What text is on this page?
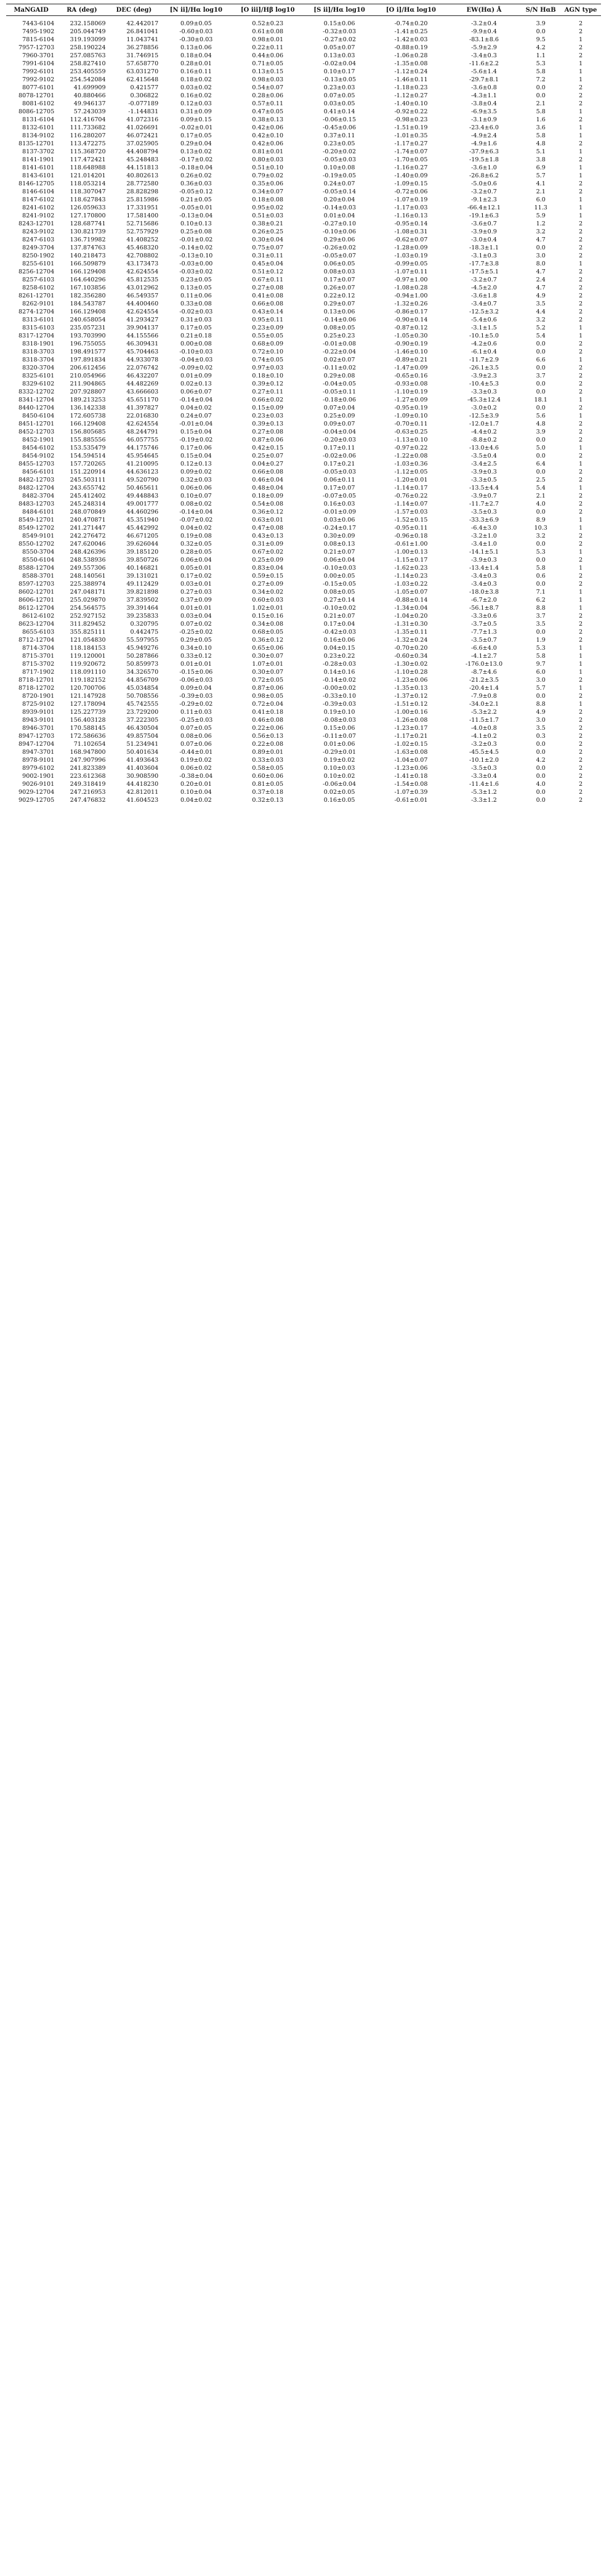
MaNGAID	RA (deg)	DEC (deg)	[N ii]/Hα log10	[O iii]/Hβ log10	[S ii]/Hα log10	[O i]/Hα log10	EW(Hα) Å	S/N HαB	AGN type

7443-6104	232.158069	42.442017	0.09±0.05	0.52±0.23	0.15±0.06	-0.74±0.20	-3.2±0.4	3.9	2
7495-1902	205.044749	26.841041	-0.60±0.03	0.61±0.08	-0.32±0.03	-1.41±0.25	-9.9±0.4	0.0	2
7815-6104	319.193099	11.043741	-0.30±0.03	0.98±0.01	-0.27±0.02	-1.42±0.03	-83.1±8.6	9.5	1
7957-12703	258.190224	36.278856	0.13±0.06	0.22±0.11	0.05±0.07	-0.88±0.19	-5.9±2.9	4.2	2
7960-3701	257.085763	31.746915	0.18±0.04	0.44±0.06	0.13±0.03	-1.06±0.28	-3.4±0.3	1.1	2
7991-6104	258.827410	57.658770	0.28±0.01	0.71±0.05	-0.02±0.04	-1.35±0.08	-11.6±2.2	5.3	1
7992-6101	253.405559	63.031270	0.16±0.11	0.13±0.15	0.10±0.17	-1.12±0.24	-5.6±1.4	5.8	1
7992-9102	254.542084	62.415648	0.18±0.02	0.98±0.03	-0.13±0.05	-1.46±0.11	-29.7±8.1	7.2	1
8077-6101	41.699909	0.421577	0.03±0.02	0.54±0.07	0.23±0.03	-1.18±0.23	-3.6±0.8	0.0	2
8078-12701	40.880466	0.306822	0.16±0.02	0.28±0.06	0.07±0.05	-1.12±0.27	-4.3±1.1	0.0	2
8081-6102	49.946137	-0.077189	0.12±0.03	0.57±0.11	0.03±0.05	-1.40±0.10	-3.8±0.4	2.1	2
8086-12705	57.243039	-1.144831	0.31±0.09	0.47±0.05	0.41±0.14	-0.92±0.22	-6.9±3.5	5.8	1
8131-6104	112.416704	41.072316	0.09±0.15	0.38±0.13	-0.06±0.15	-0.98±0.23	-3.1±0.9	1.6	2
8132-6101	111.733682	41.026691	-0.02±0.01	0.42±0.06	-0.45±0.06	-1.51±0.19	-23.4±6.0	3.6	1
8134-9102	116.280207	46.072421	0.17±0.05	0.42±0.10	0.37±0.11	-1.01±0.35	-4.9±2.4	5.8	1
8135-12701	113.472275	37.025905	0.29±0.04	0.42±0.06	0.23±0.05	-1.17±0.27	-4.9±1.6	4.8	2
8137-3702	115.368720	44.408794	0.13±0.02	0.81±0.01	-0.20±0.02	-1.74±0.07	-37.9±6.3	5.1	1
8141-1901	117.472421	45.248483	-0.17±0.02	0.80±0.03	-0.05±0.03	-1.70±0.05	-19.5±1.8	3.8	2
8141-6101	118.648988	44.151813	-0.18±0.04	0.51±0.10	0.10±0.08	-1.16±0.27	-3.6±1.0	6.9	1
8143-6101	121.014201	40.802613	0.26±0.02	0.79±0.02	-0.19±0.05	-1.40±0.09	-26.8±6.2	5.7	1
8146-12705	118.053214	28.772580	0.36±0.03	0.35±0.06	0.24±0.07	-1.09±0.15	-5.0±0.6	4.1	2
8146-6104	118.307047	28.828298	-0.05±0.12	0.34±0.07	-0.05±0.14	-0.72±0.06	-3.2±0.7	2.1	2
8147-6102	118.627843	25.815986	0.21±0.05	0.18±0.08	0.20±0.04	-1.07±0.19	-9.1±2.3	6.0	1
8241-6102	126.059633	17.331951	-0.05±0.01	0.95±0.02	-0.14±0.03	-1.17±0.03	-66.4±12.1	11.3	1
8241-9102	127.170800	17.581400	-0.13±0.04	0.51±0.03	0.01±0.04	-1.16±0.13	-19.1±6.3	5.9	1
8243-12701	128.687741	52.715686	0.10±0.13	0.38±0.21	-0.27±0.10	-0.95±0.14	-3.6±0.7	1.2	2
8243-9102	130.821739	52.757929	0.25±0.08	0.26±0.25	-0.10±0.06	-1.08±0.31	-3.9±0.9	3.2	2
8247-6103	136.719982	41.408252	-0.01±0.02	0.30±0.04	0.29±0.06	-0.62±0.07	-3.0±0.4	4.7	2
8249-3704	137.874763	45.468320	-0.14±0.02	0.75±0.07	-0.26±0.02	-1.28±0.09	-18.3±1.1	0.0	2
8250-1902	140.218473	42.708802	-0.13±0.10	0.31±0.11	-0.05±0.07	-1.03±0.19	-3.1±0.3	3.0	2
8255-6101	166.509879	43.173473	-0.03±0.00	0.45±0.04	0.06±0.05	-0.99±0.05	-17.7±3.8	8.0	1
8256-12704	166.129408	42.624554	-0.03±0.02	0.51±0.12	0.08±0.03	-1.07±0.11	-17.5±5.1	4.7	2
8257-6103	164.640296	45.812535	0.23±0.05	0.67±0.11	0.17±0.07	-0.97±1.00	-3.2±0.7	2.4	2
8258-6102	167.103856	43.012962	0.13±0.05	0.27±0.08	0.26±0.07	-1.08±0.28	-4.5±2.0	4.7	2
8261-12701	182.356280	46.549357	0.11±0.06	0.41±0.08	0.22±0.12	-0.94±1.00	-3.6±1.8	4.9	2
8262-9101	184.543787	44.400460	0.33±0.08	0.66±0.08	0.29±0.07	-1.32±0.26	-3.4±0.7	3.5	2
8274-12704	166.129408	42.624554	-0.02±0.03	0.43±0.14	0.13±0.06	-0.86±0.17	-12.5±3.2	4.4	2
8313-6101	240.658054	41.293427	0.31±0.03	0.95±0.11	-0.14±0.06	-0.90±0.14	-5.4±0.6	3.2	2
8315-6103	235.057231	39.904137	0.17±0.05	0.23±0.09	0.08±0.05	-0.87±0.12	-3.1±1.5	5.2	1
8317-12704	193.703990	44.155566	0.21±0.18	0.55±0.05	0.25±0.23	-1.05±0.30	-10.1±5.0	5.4	1
8318-1901	196.755055	46.309431	0.00±0.08	0.68±0.09	-0.01±0.08	-0.90±0.19	-4.2±0.6	0.0	2
8318-3703	198.491577	45.704463	-0.10±0.03	0.72±0.10	-0.22±0.04	-1.46±0.10	-6.1±0.4	0.0	2
8318-3704	197.891834	44.933078	-0.04±0.03	0.74±0.05	0.02±0.07	-0.89±0.21	-11.7±2.9	6.6	1
8320-3704	206.612456	22.076742	-0.09±0.02	0.97±0.03	-0.11±0.02	-1.47±0.09	-26.1±3.5	0.0	2
8325-6101	210.054966	46.432207	0.01±0.09	0.18±0.10	0.29±0.08	-0.65±0.16	-3.9±2.3	3.7	2
8329-6102	211.904865	44.482269	0.02±0.13	0.39±0.12	-0.04±0.05	-0.93±0.08	-10.4±5.3	0.0	2
8332-12702	207.928807	43.666603	0.06±0.07	0.27±0.11	-0.05±0.11	-1.10±0.19	-3.3±0.3	0.0	2
8341-12704	189.213253	45.651170	-0.14±0.04	0.66±0.02	-0.18±0.06	-1.27±0.09	-45.3±12.4	18.1	1
8440-12704	136.142338	41.397827	0.04±0.02	0.15±0.09	0.07±0.04	-0.95±0.19	-3.0±0.2	0.0	2
8450-6104	172.605738	22.016830	0.24±0.07	0.23±0.03	0.25±0.09	-1.09±0.10	-12.5±3.9	5.6	1
8451-12701	166.129408	42.624554	-0.01±0.04	0.39±0.13	0.09±0.07	-0.70±0.11	-12.0±1.7	4.8	2
8452-12703	156.805685	48.244791	0.15±0.04	0.27±0.08	-0.04±0.04	-0.63±0.25	-4.4±0.2	3.9	2
8452-1901	155.885556	46.057755	-0.19±0.02	0.87±0.06	-0.20±0.03	-1.13±0.10	-8.8±0.2	0.0	2
8454-6102	153.535479	44.175746	0.17±0.06	0.42±0.15	0.17±0.11	-0.97±0.22	-13.0±4.6	5.0	1
8454-9102	154.594514	45.954645	0.15±0.04	0.25±0.07	-0.02±0.06	-1.22±0.08	-3.5±0.4	0.0	2
8455-12703	157.720265	41.210095	0.12±0.13	0.04±0.27	0.17±0.21	-1.03±0.36	-3.4±2.5	6.4	1
8456-6101	151.220914	44.636123	0.09±0.02	0.66±0.08	-0.05±0.03	-1.12±0.05	-3.9±0.3	0.0	2
8482-12703	245.503111	49.520790	0.32±0.03	0.46±0.04	0.06±0.11	-1.20±0.01	-3.3±0.5	2.5	2
8482-12704	243.655742	50.465611	0.06±0.06	0.48±0.04	0.17±0.07	-1.14±0.17	-13.5±4.4	5.4	1
8482-3704	245.412402	49.448843	0.10±0.07	0.18±0.09	-0.07±0.05	-0.76±0.22	-3.9±0.7	2.1	2
8483-12703	245.248314	49.001777	0.08±0.02	0.54±0.08	0.16±0.03	-1.14±0.07	-11.7±2.7	4.0	2
8484-6101	248.070849	44.460296	-0.14±0.04	0.36±0.12	-0.01±0.09	-1.57±0.03	-3.5±0.3	0.0	2
8549-12701	240.470871	45.351940	-0.07±0.02	0.63±0.01	0.03±0.06	-1.52±0.15	-33.3±6.9	8.9	1
8549-12702	241.271447	45.442992	0.04±0.02	0.47±0.08	-0.24±0.17	-0.95±0.11	-6.4±3.0	10.3	1
8549-9101	242.276472	46.671205	0.19±0.08	0.43±0.13	0.30±0.09	-0.96±0.18	-3.2±1.0	3.2	2
8550-12702	247.620046	39.626044	0.32±0.05	0.31±0.09	0.08±0.13	-0.61±1.00	-3.4±1.0	0.0	2
8550-3704	248.426396	39.185120	0.28±0.05	0.67±0.02	0.21±0.07	-1.00±0.13	-14.1±5.1	5.3	1
8550-6104	248.538936	39.850726	0.06±0.04	0.25±0.09	0.06±0.04	-1.15±0.17	-3.9±0.3	0.0	2
8588-12704	249.557306	40.146821	0.05±0.01	0.83±0.04	-0.10±0.03	-1.62±0.23	-13.4±1.4	5.8	1
8588-3701	248.140561	39.131021	0.17±0.02	0.59±0.15	0.00±0.05	-1.14±0.23	-3.4±0.3	0.6	2
8597-12703	225.388974	49.112429	0.03±0.01	0.27±0.09	-0.15±0.05	-1.03±0.22	-3.4±0.3	0.0	2
8602-12701	247.048171	39.821898	0.27±0.03	0.34±0.02	0.08±0.05	-1.05±0.07	-18.0±3.8	7.1	1
8606-12701	255.029870	37.839502	0.37±0.09	0.60±0.03	0.27±0.14	-0.88±0.14	-6.7±2.0	6.2	1
8612-12704	254.564575	39.391464	0.01±0.01	1.02±0.01	-0.10±0.02	-1.34±0.04	-56.1±8.7	8.8	1
8612-6102	252.927152	39.235833	0.03±0.04	0.15±0.16	0.21±0.07	-1.04±0.20	-3.3±0.6	3.7	2
8623-12704	311.829452	0.320795	0.07±0.02	0.34±0.08	0.17±0.04	-1.31±0.30	-3.7±0.5	3.5	2
8655-6103	355.825111	0.442475	-0.25±0.02	0.68±0.05	-0.42±0.03	-1.35±0.11	-7.7±1.3	0.0	2
8712-12704	121.054830	55.597955	0.29±0.05	0.36±0.12	0.16±0.06	-1.32±0.24	-3.5±0.7	1.9	2
8714-3704	118.184153	45.949276	0.34±0.10	0.65±0.06	0.04±0.15	-0.70±0.20	-6.6±4.0	5.3	1
8715-3701	119.120001	50.287866	0.33±0.12	0.30±0.07	0.23±0.22	-0.60±0.34	-4.1±2.7	5.8	1
8715-3702	119.920672	50.859973	0.01±0.01	1.07±0.01	-0.28±0.03	-1.30±0.02	-176.0±13.0	9.7	1
8717-1902	118.091110	34.326570	-0.15±0.06	0.30±0.07	0.14±0.16	-1.10±0.28	-8.7±4.6	6.0	1
8718-12701	119.182152	44.856709	-0.06±0.03	0.72±0.05	-0.14±0.02	-1.23±0.06	-21.2±3.5	3.0	2
8718-12702	120.700706	45.034854	0.09±0.04	0.87±0.06	-0.00±0.02	-1.35±0.13	-20.4±1.4	5.7	1
8720-1901	121.147928	50.708556	-0.39±0.03	0.98±0.05	-0.33±0.10	-1.37±0.12	-7.9±0.8	0.0	2
8725-9102	127.178094	45.742555	-0.29±0.02	0.72±0.04	-0.39±0.03	-1.51±0.12	-34.0±2.1	8.8	1
8939-9101	125.227739	23.729200	0.11±0.03	0.41±0.18	0.19±0.10	-1.00±0.16	-5.3±2.2	4.9	2
8943-9101	156.403128	37.222305	-0.25±0.03	0.46±0.08	-0.08±0.03	-1.26±0.08	-11.5±1.7	3.0	2
8946-3701	170.588145	46.430504	0.07±0.05	0.22±0.06	0.15±0.06	-1.23±0.17	-4.0±0.8	3.5	2
8947-12703	172.586636	49.857504	0.08±0.06	0.56±0.13	-0.11±0.07	-1.17±0.21	-4.1±0.2	0.3	2
8947-12704	71.102654	51.234941	0.07±0.06	0.22±0.08	0.01±0.06	-1.02±0.15	-3.2±0.3	0.0	2
8947-3701	168.947800	50.401634	-0.44±0.01	0.89±0.01	-0.29±0.01	-1.63±0.08	-45.5±4.5	0.0	2
8978-9101	247.907996	41.493643	0.19±0.02	0.33±0.03	0.19±0.02	-1.04±0.07	-10.1±2.0	4.2	2
8979-6102	241.823389	41.403604	0.06±0.02	0.58±0.05	0.10±0.03	-1.23±0.06	-3.5±0.3	0.0	2
9002-1901	223.612368	30.908590	-0.38±0.04	0.60±0.06	0.10±0.02	-1.41±0.18	-3.3±0.4	0.0	2
9026-9101	249.318419	44.418230	0.20±0.01	0.81±0.05	-0.06±0.04	-1.54±0.08	-11.4±1.6	4.0	2
9029-12704	247.216953	42.812011	0.10±0.04	0.37±0.18	0.02±0.05	-1.07±0.39	-5.3±1.2	0.0	2
9029-12705	247.476832	41.604523	0.04±0.02	0.32±0.13	0.16±0.05	-0.61±0.01	-3.3±1.2	0.0	2
